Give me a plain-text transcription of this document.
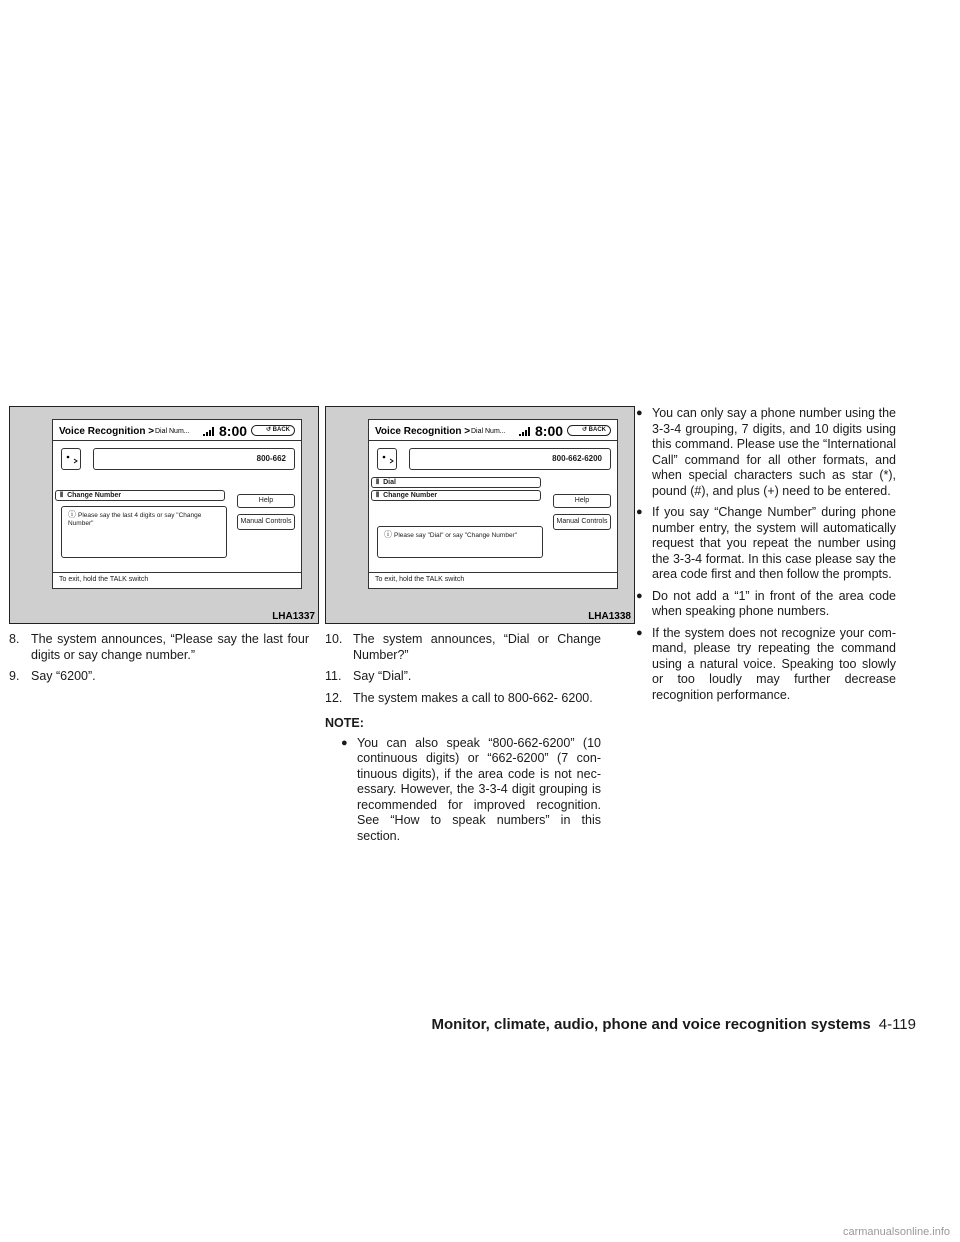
Voice Recognition > Dial Num... 8:00	↺ BACK
800-662
⦀ Change Number
Help
Manual Controls
ⓘ Please say the last 4 digits or say "Change Number"
To exit, hold the TALK switch
LHA1337
Voice Recognition > Dial Num... 8:00	↺ BACK
800-662-6200
⦀ Dial
⦀ Change Number
Help
Manual Controls
ⓘ Please say "Dial" or say "Change Number"
To exit, hold the TALK switch
LHA1338
8. The system announces, “Please say the last four digits or say change number.”
9. Say “6200”.
10. The system announces, “Dial or Change Number?”
11. Say “Dial”.
12. The system makes a call to 800-662- 6200.
NOTE:
● You can also speak “800-662-6200” (10 continuous digits) or “662-6200” (7 con- tinuous digits), if the area code is not nec- essary. However, the 3-3-4 digit grouping is recommended for improved recognition. See “How to speak numbers” in this section.
● You can only say a phone number using the 3-3-4 grouping, 7 digits, and 10 digits using this command. Please use the “International Call” command for all other formats, and when special characters such as star (*), pound (#), and plus (+) need to be entered.
● If you say “Change Number” during phone number entry, the system will automatically request that you repeat the number using the 3-3-4 format. In this case please say the area code first and then follow the prompts.
● Do not add a “1” in front of the area code when speaking phone numbers.
● If the system does not recognize your com- mand, please try repeating the command using a natural voice. Speaking too slowly or too loudly may further decrease recognition performance.
Monitor, climate, audio, phone and voice recognition systems 4-119
carmanualsonline.info
